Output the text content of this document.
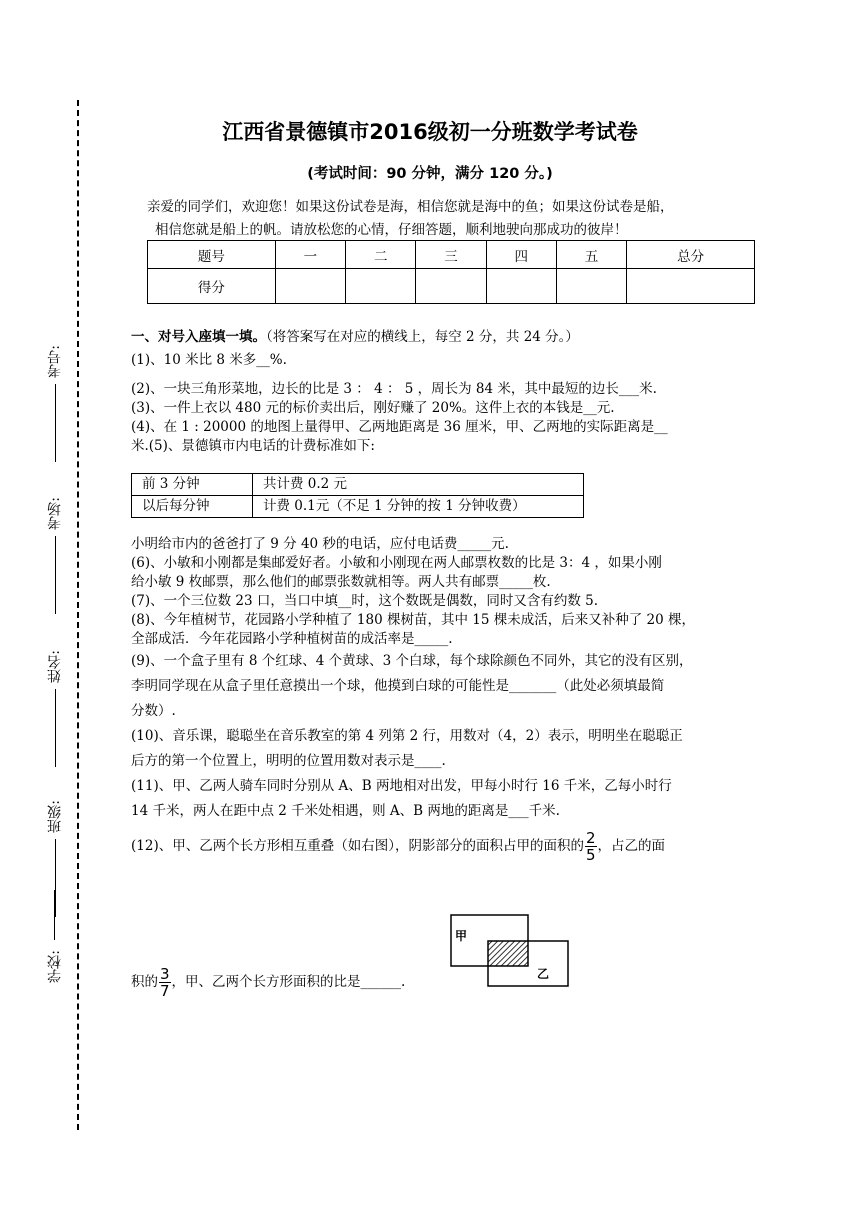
考号:
考场:
姓名:
班级:
学校:
江西省景德镇市2016级初一分班数学考试卷
(考试时间：90 分钟，满分 120 分。)
亲爱的同学们，欢迎您！如果这份试卷是海，相信您就是海中的鱼；如果这份试卷是船，
相信您就是船上的帆。请放松您的心情，仔细答题，顺利地驶向那成功的彼岸！
题号	一	二	三	四	五	总分
得分						

一、对号入座填一填。（将答案写在对应的横线上，每空 2 分，共 24 分。）

(1)、10 米比 8 米多__%.

(2)、一块三角形菜地，边长的比是 3 ： 4 ： 5 ，周长为 84 米，其中最短的边长___米.

(3)、一件上衣以 480 元的标价卖出后，刚好赚了 20%。这件上衣的本钱是__元.

(4)、在 1 : 20000 的地图上量得甲、乙两地距离是 36 厘米，甲、乙两地的实际距离是__

米.(5)、景德镇市内电话的计费标准如下:

前 3 分钟	共计费 0.2 元
以后每分钟	计费 0.1元（不足 1 分钟的按 1 分钟收费）

小明给市内的爸爸打了 9 分 40 秒的电话，应付电话费_____元.

(6)、小敏和小刚都是集邮爱好者。小敏和小刚现在两人邮票枚数的比是 3：4 ，如果小刚

给小敏 9 枚邮票，那么他们的邮票张数就相等。两人共有邮票_____枚.

(7)、一个三位数 23 口，当口中填__时，这个数既是偶数，同时又含有约数 5.

(8)、今年植树节，花园路小学种植了 180 棵树苗，其中 15 棵未成活，后来又补种了 20 棵，

全部成活．今年花园路小学种植树苗的成活率是_____.

(9)、一个盒子里有 8 个红球、4 个黄球、3 个白球，每个球除颜色不同外，其它的没有区别，

李明同学现在从盒子里任意摸出一个球，他摸到白球的可能性是_______（此处必须填最简

分数）.

(10)、音乐课，聪聪坐在音乐教室的第 4 列第 2 行，用数对（4，2）表示，明明坐在聪聪正

后方的第一个位置上，明明的位置用数对表示是____.

(11)、甲、乙两人骑车同时分别从 A、B 两地相对出发，甲每小时行 16 千米，乙每小时行

14 千米，两人在距中点 2 千米处相遇，则 A、B 两地的距离是___千米.

(12)、甲、乙两个长方形相互重叠（如右图），阴影部分的面积占甲的面积的 $\frac{2}{5}$ ，占乙的面

甲
乙
积的 $\frac{3}{7}$ ，甲、乙两个长方形面积的比是______.
